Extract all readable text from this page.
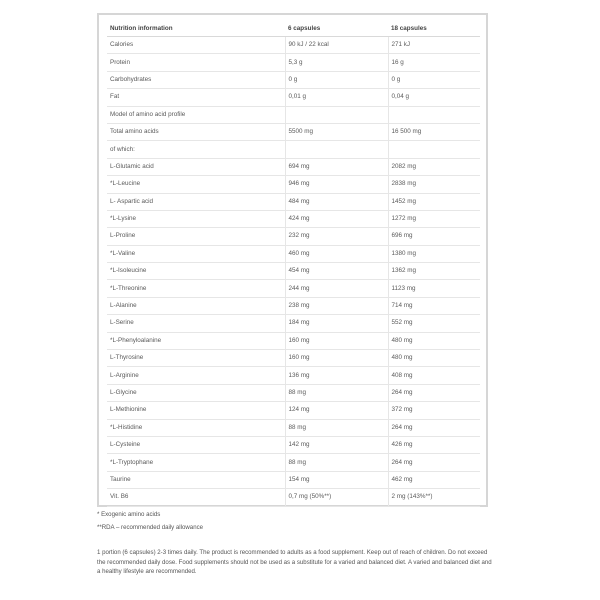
Nutrition information	6 capsules	18 capsules
Calories	90 kJ / 22 kcal	271 kJ
Protein	5,3 g	16 g
Carbohydrates	0 g	0 g
Fat	0,01 g	0,04 g
Model of amino acid profile		
Total amino acids	5500 mg	16 500 mg
of which:		
L-Glutamic acid	694 mg	2082 mg
*L-Leucine	946 mg	2838 mg
L- Aspartic acid	484 mg	1452 mg
*L-Lysine	424 mg	1272 mg
L-Proline	232 mg	696 mg
*L-Valine	460 mg	1380 mg
*L-Isoleucine	454 mg	1362 mg
*L-Threonine	244 mg	1123 mg
L-Alanine	238 mg	714 mg
L-Serine	184 mg	552 mg
*L-Phenyloalanine	160 mg	480 mg
L-Thyrosine	160 mg	480 mg
L-Arginine	136 mg	408 mg
L-Glycine	88 mg	264 mg
L-Methionine	124 mg	372 mg
*L-Histidine	88 mg	264 mg
L-Cysteine	142 mg	426 mg
*L-Tryptophane	88 mg	264 mg
Taurine	154 mg	462 mg
Vit. B6	0,7 mg (50%**)	2 mg (143%**)
* Exogenic amino acids
**RDA – recommended daily allowance
1 portion (6 capsules) 2-3 times daily. The product is recommended to adults as a food supplement. Keep out of reach of children. Do not exceed the recommended daily dose. Food supplements should not be used as a substitute for a varied and balanced diet. A varied and balanced diet and a healthy lifestyle are recommended.
